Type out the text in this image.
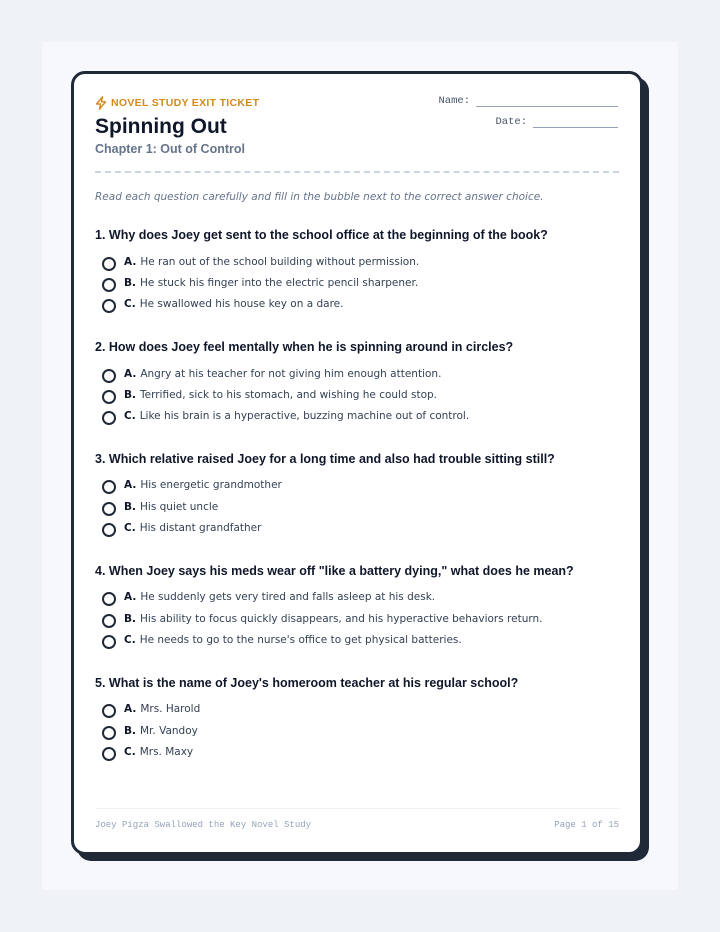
Name:
Date:
NOVEL STUDY EXIT TICKET
Spinning Out
Chapter 1: Out of Control
Read each question carefully and fill in the bubble next to the correct answer choice.
1. Why does Joey get sent to the school office at the beginning of the book?
A. He ran out of the school building without permission.
B. He stuck his finger into the electric pencil sharpener.
C. He swallowed his house key on a dare.
2. How does Joey feel mentally when he is spinning around in circles?
A. Angry at his teacher for not giving him enough attention.
B. Terrified, sick to his stomach, and wishing he could stop.
C. Like his brain is a hyperactive, buzzing machine out of control.
3. Which relative raised Joey for a long time and also had trouble sitting still?
A. His energetic grandmother
B. His quiet uncle
C. His distant grandfather
4. When Joey says his meds wear off "like a battery dying," what does he mean?
A. He suddenly gets very tired and falls asleep at his desk.
B. His ability to focus quickly disappears, and his hyperactive behaviors return.
C. He needs to go to the nurse's office to get physical batteries.
5. What is the name of Joey's homeroom teacher at his regular school?
A. Mrs. Harold
B. Mr. Vandoy
C. Mrs. Maxy
Joey Pigza Swallowed the Key Novel Study	Page 1 of 15
